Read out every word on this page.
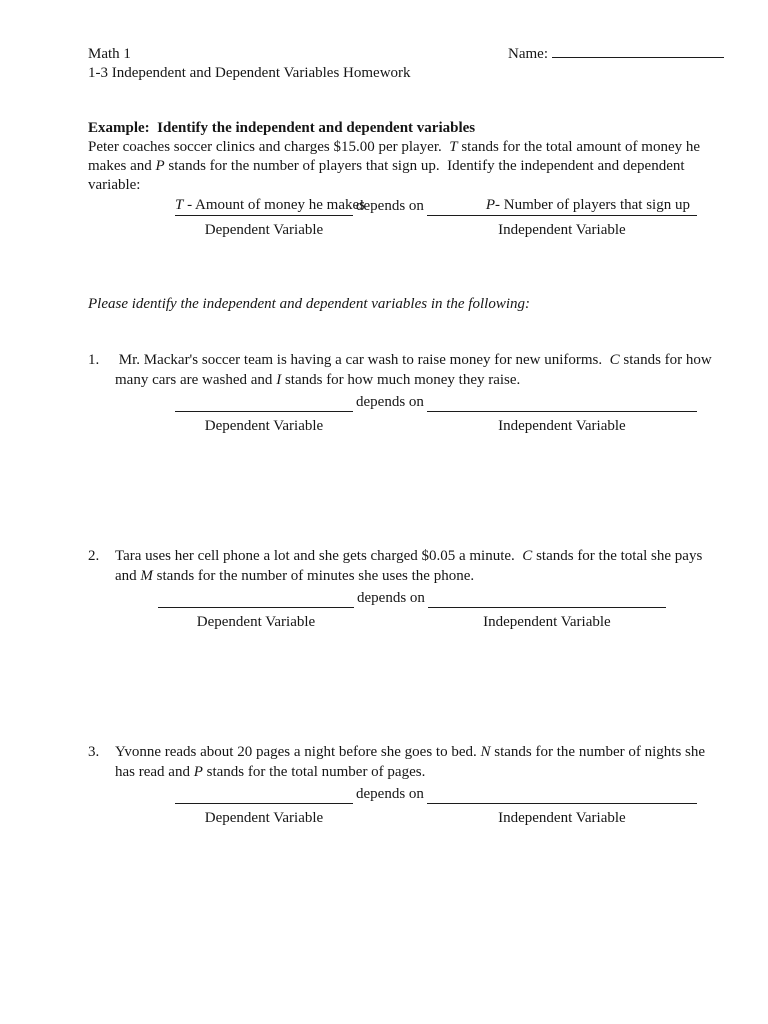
Math 1	Name:
1-3 Independent and Dependent Variables Homework
Example:  Identify the independent and dependent variables
Peter coaches soccer clinics and charges $15.00 per player.  T stands for the total amount of money he makes and P stands for the number of players that sign up.  Identify the independent and dependent variable:
T - Amount of money he makes
Dependent Variable
depends on	P- Number of players that sign up
Independent Variable
Please identify the independent and dependent variables in the following:
1.	Mr. Mackar's soccer team is having a car wash to raise money for new uniforms.  C stands for how many cars are washed and I stands for how much money they raise.
Dependent Variable
depends on
Independent Variable
2.	Tara uses her cell phone a lot and she gets charged $0.05 a minute.  C stands for the total she pays and M stands for the number of minutes she uses the phone.
Dependent Variable
depends on
Independent Variable
3.	Yvonne reads about 20 pages a night before she goes to bed. N stands for the number of nights she has read and P stands for the total number of pages.
Dependent Variable
depends on
Independent Variable
